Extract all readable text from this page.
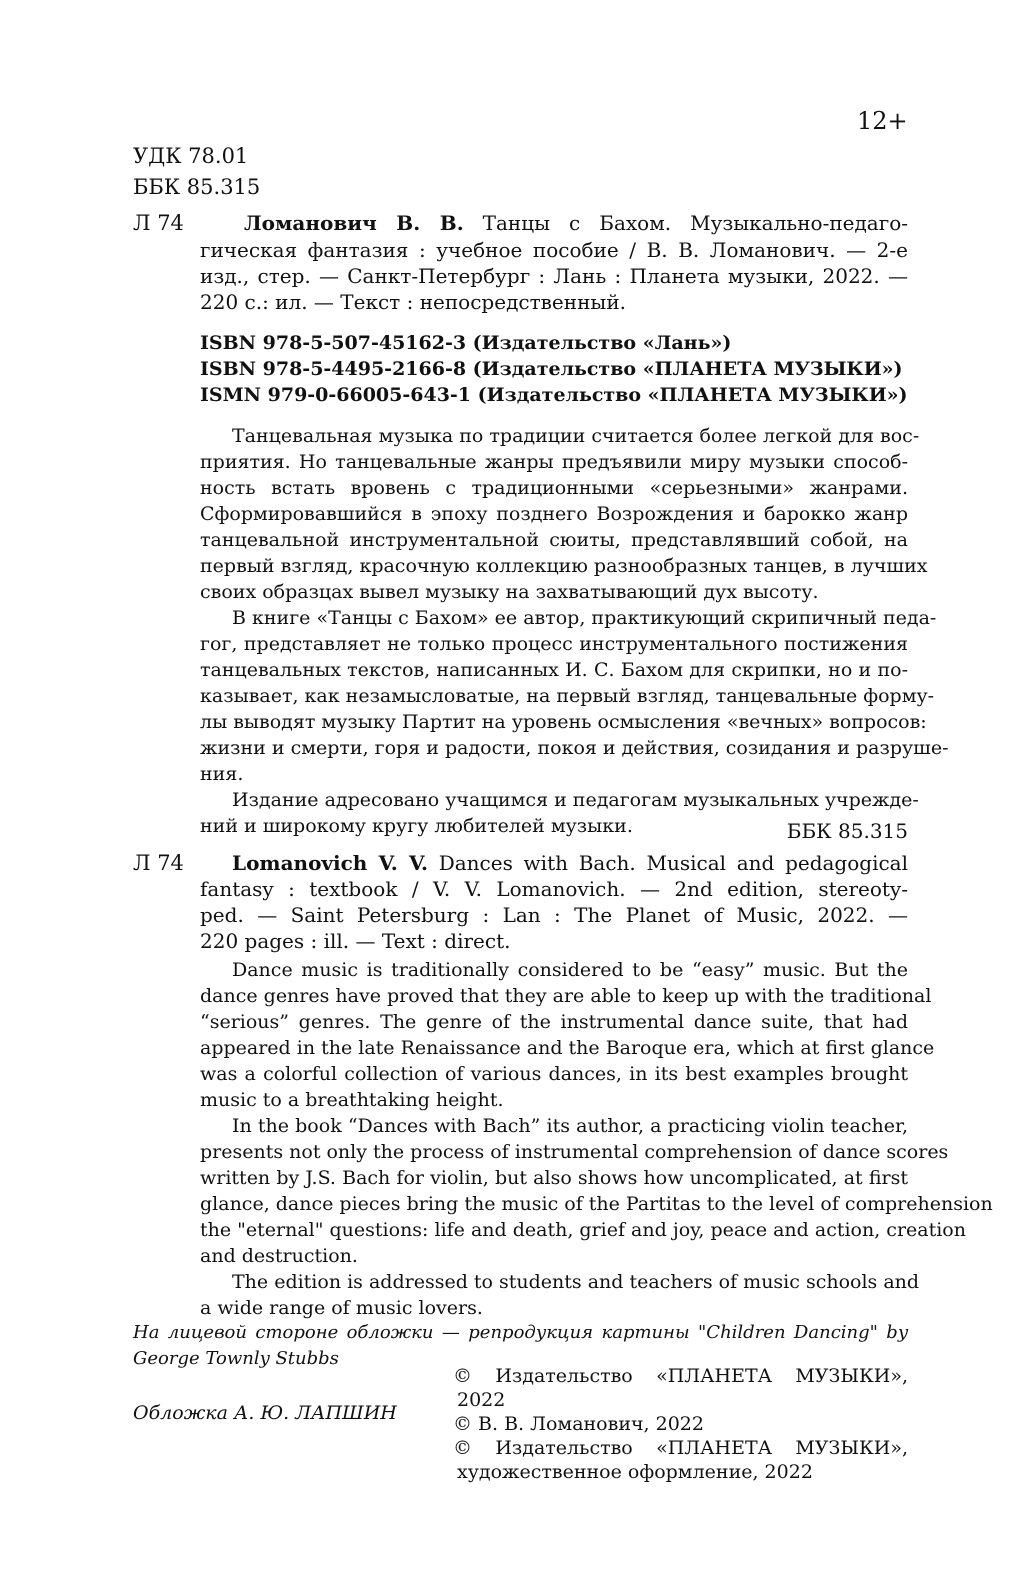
12+
УДК 78.01
ББК 85.315
Л 74	Ломанович В. В. Танцы с Бахом. Музыкально-педаго-
гическая фантазия : учебное пособие / В. В. Ломанович. — 2-е
изд., стер. — Санкт-Петербург : Лань : Планета музыки, 2022. —
220 с.: ил. — Текст : непосредственный.
ISBN 978-5-507-45162-3 (Издательство «Лань»)
ISBN 978-5-4495-2166-8 (Издательство «ПЛАНЕТА МУЗЫКИ»)
ISMN 979-0-66005-643-1 (Издательство «ПЛАНЕТА МУЗЫКИ»)
Танцевальная музыка по традиции считается более легкой для вос-
приятия. Но танцевальные жанры предъявили миру музыки способ-
ность встать вровень с традиционными «серьезными» жанрами.
Сформировавшийся в эпоху позднего Возрождения и барокко жанр
танцевальной инструментальной сюиты, представлявший собой, на
первый взгляд, красочную коллекцию разнообразных танцев, в лучших
своих образцах вывел музыку на захватывающий дух высоту.
В книге «Танцы с Бахом» ее автор, практикующий скрипичный педа-
гог, представляет не только процесс инструментального постижения
танцевальных текстов, написанных И. С. Бахом для скрипки, но и по-
казывает, как незамысловатые, на первый взгляд, танцевальные форму-
лы выводят музыку Партит на уровень осмысления «вечных» вопросов:
жизни и смерти, горя и радости, покоя и действия, созидания и разруше-
ния.
Издание адресовано учащимся и педагогам музыкальных учрежде-
ний и широкому кругу любителей музыки.	ББК 85.315
Л 74 Lomanovich V. V. Dances with Bach. Musical and pedagogical
fantasy : textbook / V. V. Lomanovich. — 2nd edition, stereoty-
ped. — Saint Petersburg : Lan : The Planet of Music, 2022. —
220 pages : ill. — Text : direct.
Dance music is traditionally considered to be “easy” music. But the
dance genres have proved that they are able to keep up with the traditional
“serious” genres. The genre of the instrumental dance suite, that had
appeared in the late Renaissance and the Baroque era, which at first glance
was a colorful collection of various dances, in its best examples brought
music to a breathtaking height.
In the book “Dances with Bach” its author, a practicing violin teacher,
presents not only the process of instrumental comprehension of dance scores
written by J.S. Bach for violin, but also shows how uncomplicated, at first
glance, dance pieces bring the music of the Partitas to the level of comprehension
the "eternal" questions: life and death, grief and joy, peace and action, creation
and destruction.
The edition is addressed to students and teachers of music schools and
a wide range of music lovers.
На лицевой стороне обложки — репродукция картины "Children Dancing" by
George Townly Stubbs
Обложка А. Ю. ЛАПШИН
© Издательство «ПЛАНЕТА МУЗЫКИ»,
2022
© В. В. Ломанович, 2022
© Издательство «ПЛАНЕТА МУЗЫКИ»,
художественное оформление, 2022
